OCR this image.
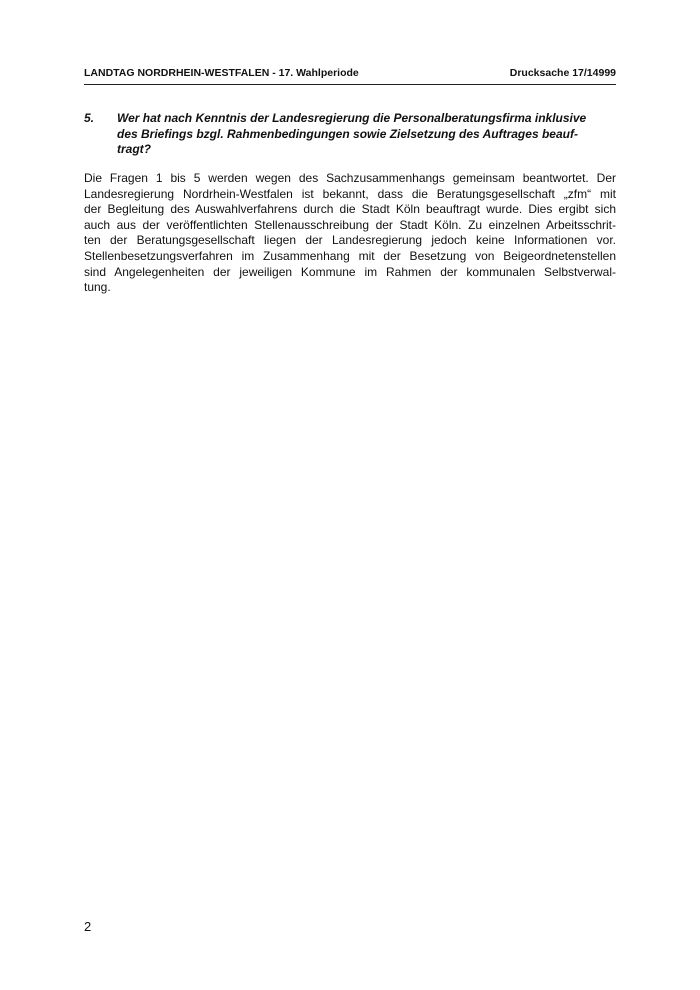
LANDTAG NORDRHEIN-WESTFALEN - 17. Wahlperiode	Drucksache 17/14999
5.	Wer hat nach Kenntnis der Landesregierung die Personalberatungsfirma inklusive
des Briefings bzgl. Rahmenbedingungen sowie Zielsetzung des Auftrages beauf-
tragt?
Die Fragen 1 bis 5 werden wegen des Sachzusammenhangs gemeinsam beantwortet. Der
Landesregierung Nordrhein-Westfalen ist bekannt, dass die Beratungsgesellschaft „zfm“ mit
der Begleitung des Auswahlverfahrens durch die Stadt Köln beauftragt wurde. Dies ergibt sich
auch aus der veröffentlichten Stellenausschreibung der Stadt Köln. Zu einzelnen Arbeitsschrit-
ten der Beratungsgesellschaft liegen der Landesregierung jedoch keine Informationen vor.
Stellenbesetzungsverfahren im Zusammenhang mit der Besetzung von Beigeordnetenstellen
sind Angelegenheiten der jeweiligen Kommune im Rahmen der kommunalen Selbstverwal-
tung.
2
